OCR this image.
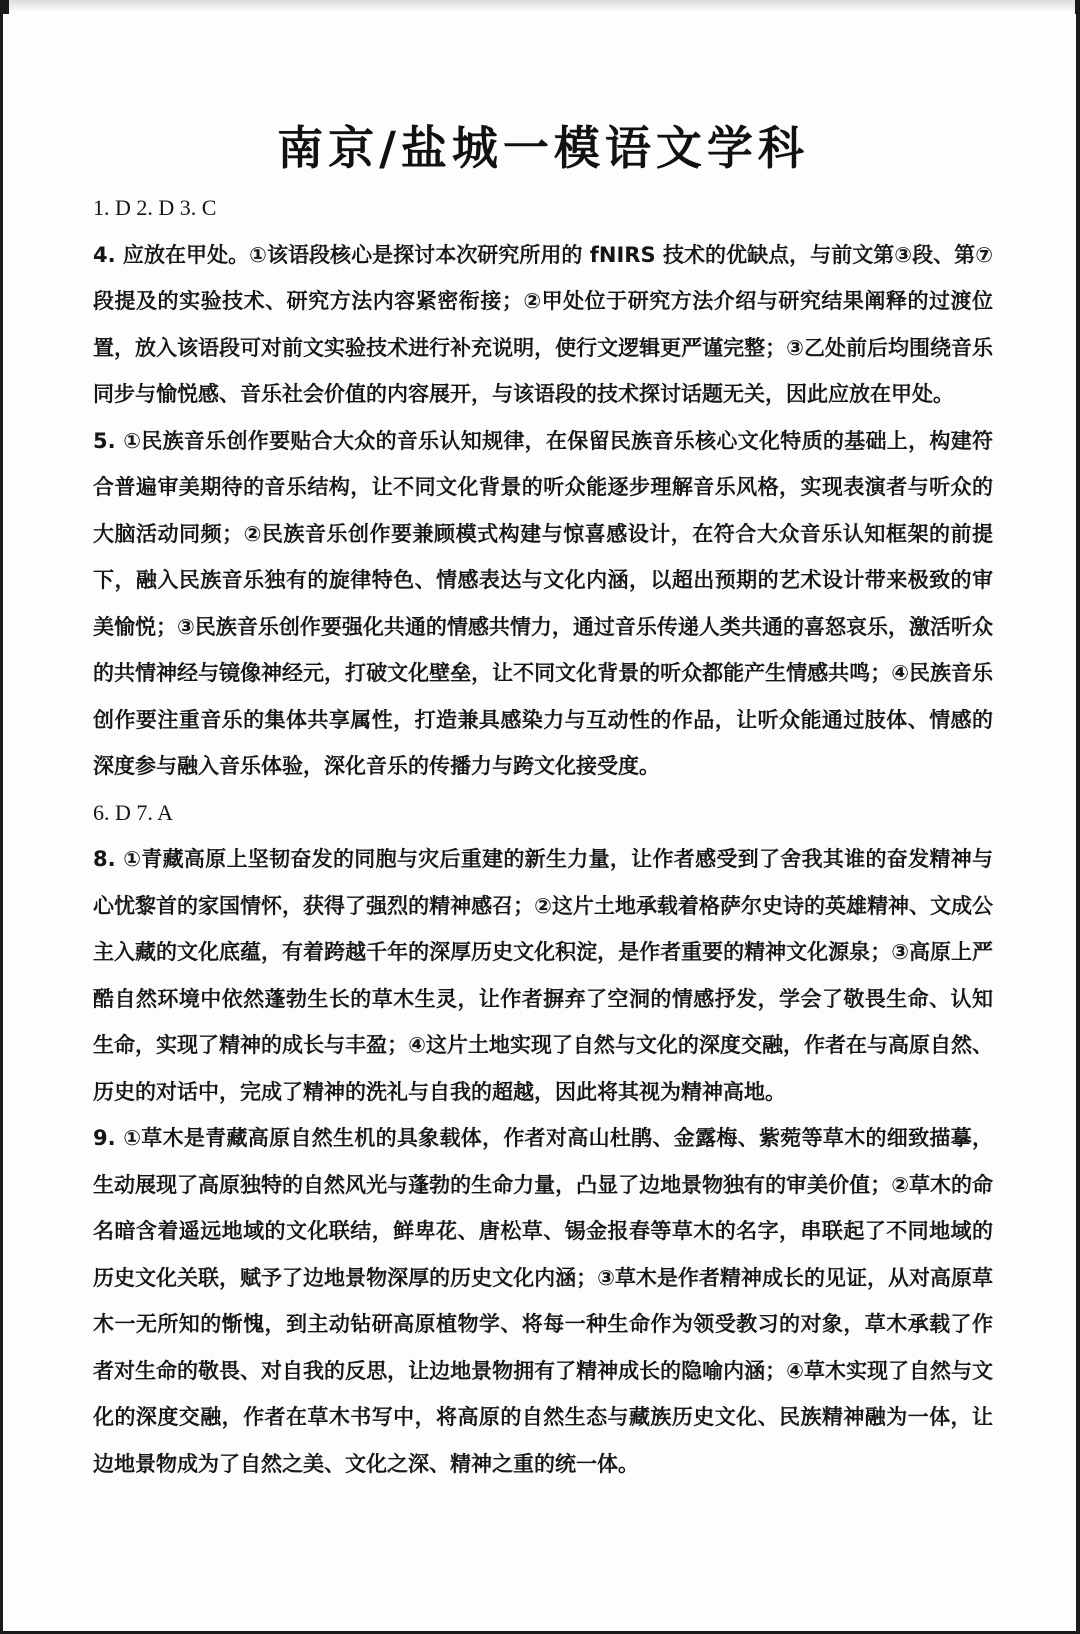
南京/盐城一模语文学科

1. D 2. D 3. C

4. 应放在甲处。①该语段核心是探讨本次研究所用的 fNIRS 技术的优缺点，与前文第③段、第⑦段提及的实验技术、研究方法内容紧密衔接；②甲处位于研究方法介绍与研究结果阐释的过渡位置，放入该语段可对前文实验技术进行补充说明，使行文逻辑更严谨完整；③乙处前后均围绕音乐同步与愉悦感、音乐社会价值的内容展开，与该语段的技术探讨话题无关，因此应放在甲处。

5. ①民族音乐创作要贴合大众的音乐认知规律，在保留民族音乐核心文化特质的基础上，构建符合普遍审美期待的音乐结构，让不同文化背景的听众能逐步理解音乐风格，实现表演者与听众的大脑活动同频；②民族音乐创作要兼顾模式构建与惊喜感设计，在符合大众音乐认知框架的前提下，融入民族音乐独有的旋律特色、情感表达与文化内涵，以超出预期的艺术设计带来极致的审美愉悦；③民族音乐创作要强化共通的情感共情力，通过音乐传递人类共通的喜怒哀乐，激活听众的共情神经与镜像神经元，打破文化壁垒，让不同文化背景的听众都能产生情感共鸣；④民族音乐创作要注重音乐的集体共享属性，打造兼具感染力与互动性的作品，让听众能通过肢体、情感的深度参与融入音乐体验，深化音乐的传播力与跨文化接受度。

6. D 7. A

8. ①青藏高原上坚韧奋发的同胞与灾后重建的新生力量，让作者感受到了舍我其谁的奋发精神与心忧黎首的家国情怀，获得了强烈的精神感召；②这片土地承载着格萨尔史诗的英雄精神、文成公主入藏的文化底蕴，有着跨越千年的深厚历史文化积淀，是作者重要的精神文化源泉；③高原上严酷自然环境中依然蓬勃生长的草木生灵，让作者摒弃了空洞的情感抒发，学会了敬畏生命、认知生命，实现了精神的成长与丰盈；④这片土地实现了自然与文化的深度交融，作者在与高原自然、历史的对话中，完成了精神的洗礼与自我的超越，因此将其视为精神高地。

9. ①草木是青藏高原自然生机的具象载体，作者对高山杜鹃、金露梅、紫菀等草木的细致描摹，生动展现了高原独特的自然风光与蓬勃的生命力量，凸显了边地景物独有的审美价值；②草木的命名暗含着遥远地域的文化联结，鲜卑花、唐松草、锡金报春等草木的名字，串联起了不同地域的历史文化关联，赋予了边地景物深厚的历史文化内涵；③草木是作者精神成长的见证，从对高原草木一无所知的惭愧，到主动钻研高原植物学、将每一种生命作为领受教习的对象，草木承载了作者对生命的敬畏、对自我的反思，让边地景物拥有了精神成长的隐喻内涵；④草木实现了自然与文化的深度交融，作者在草木书写中，将高原的自然生态与藏族历史文化、民族精神融为一体，让边地景物成为了自然之美、文化之深、精神之重的统一体。
